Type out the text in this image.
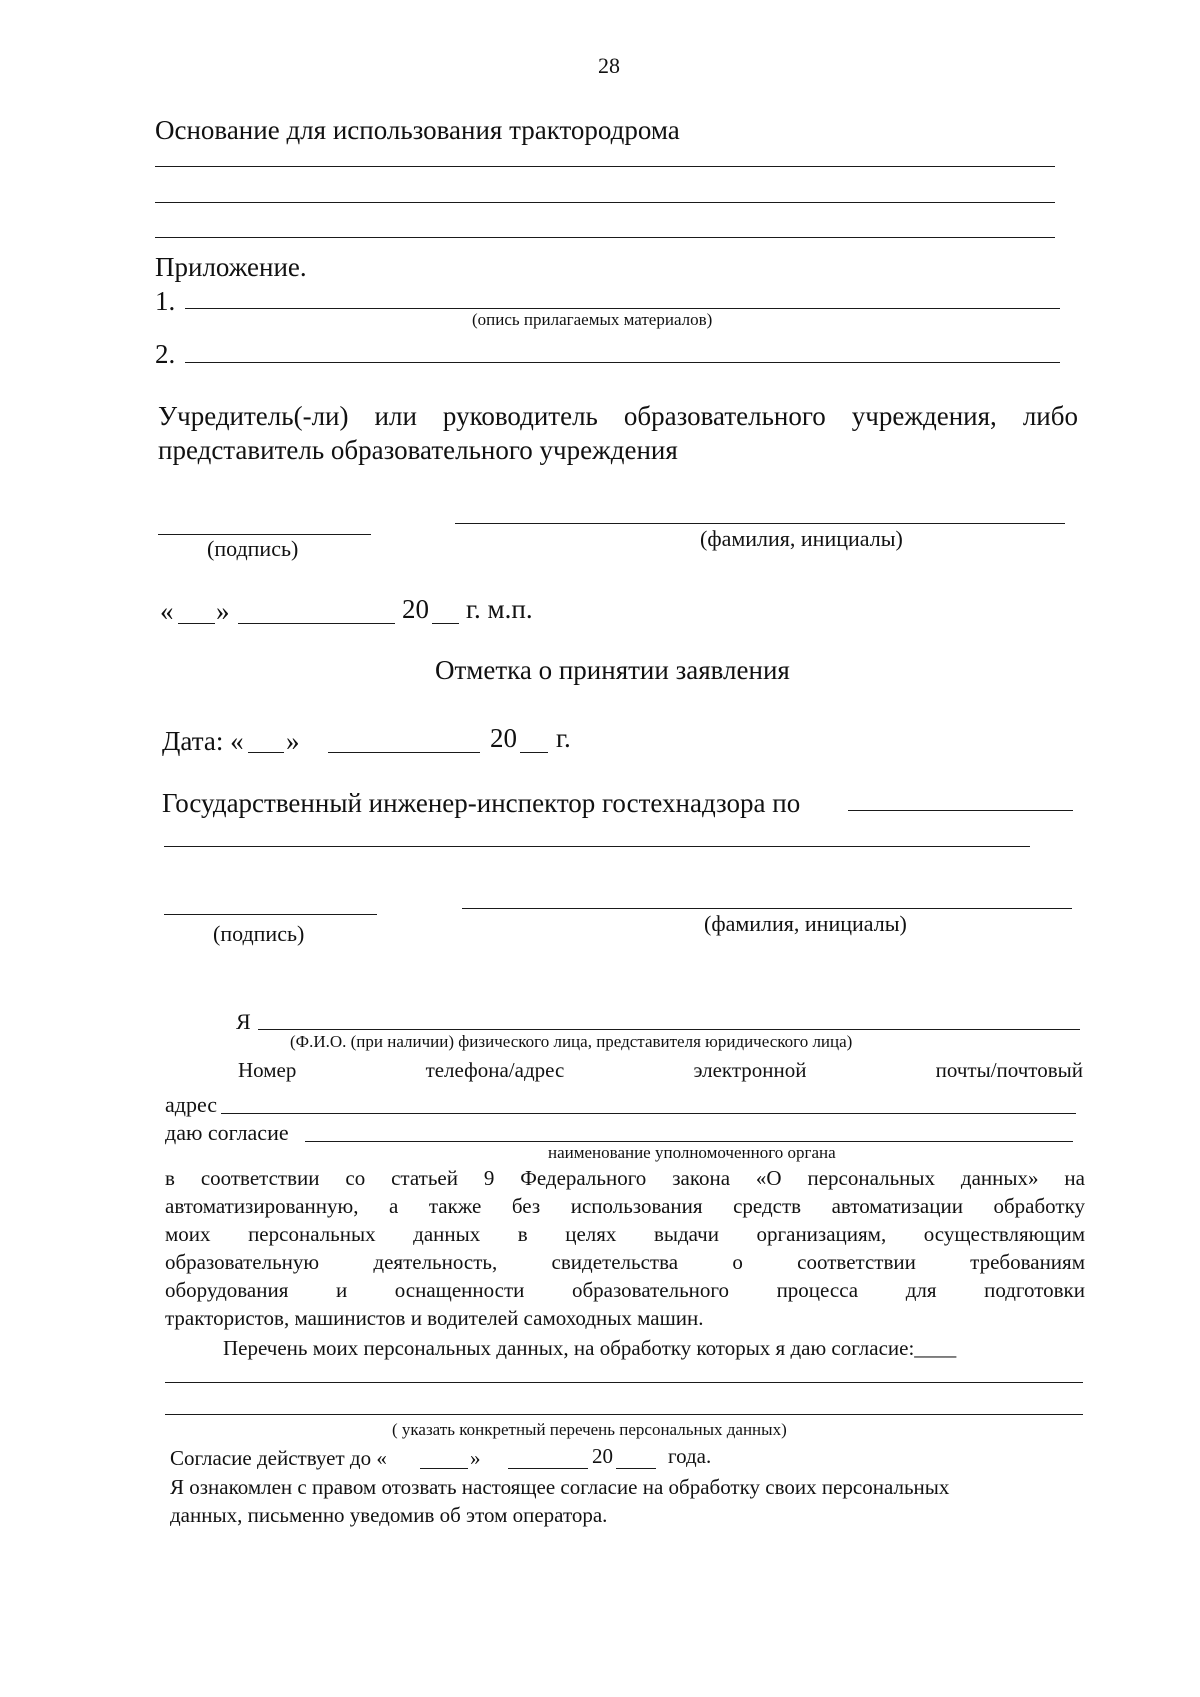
28
Основание для использования трактородрома
Приложение.
1.
(опись прилагаемых материалов)
2.
Учредитель(-ли) или руководитель образовательного учреждения, либо
представитель образовательного учреждения
(подпись)	(фамилия, инициалы)
« »	20 г. м.п.
Отметка о принятии заявления
Дата: « »	20 г.
Государственный инженер-инспектор гостехнадзора по
(подпись)	(фамилия, инициалы)
Я
(Ф.И.О. (при наличии) физического лица, представителя юридического лица)
Номер	телефона/адрес	электронной	почты/почтовый
адрес
даю согласие
наименование уполномоченного органа
в соответствии со статьей 9 Федерального закона «О персональных данных» на
автоматизированную, а также без использования средств автоматизации обработку
моих персональных данных в целях выдачи организациям, осуществляющим
образовательную деятельность, свидетельства о соответствии требованиям
оборудования и оснащенности образовательного процесса для подготовки
трактористов, машинистов и водителей самоходных машин.
Перечень моих персональных данных, на обработку которых я даю согласие:____
( указать конкретный перечень персональных данных)
Согласие действует до «	»	20	года.
Я ознакомлен с правом отозвать настоящее согласие на обработку своих персональных
данных, письменно уведомив об этом оператора.
